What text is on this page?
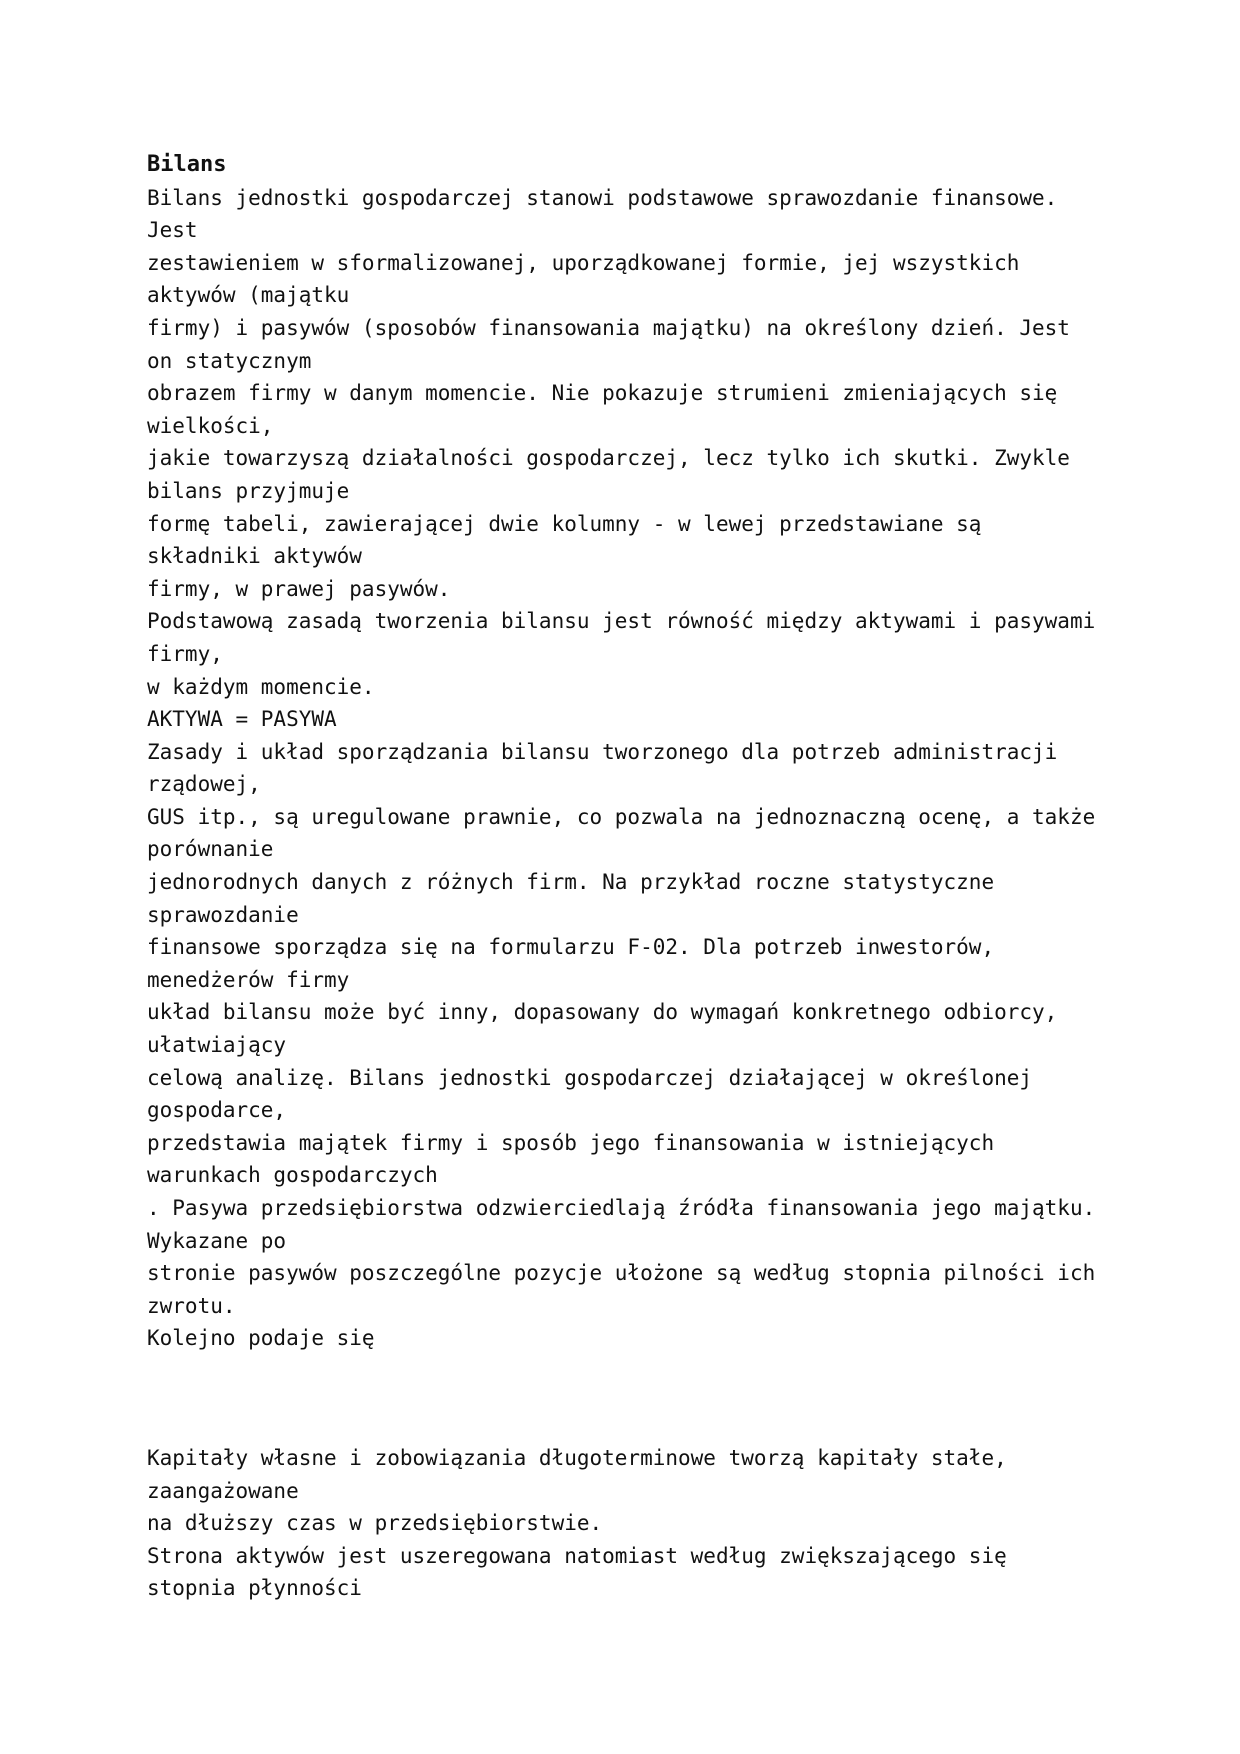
Bilans
Bilans jednostki gospodarczej stanowi podstawowe sprawozdanie finansowe.
Jest
zestawieniem w sformalizowanej, uporządkowanej formie, jej wszystkich
aktywów (majątku
firmy) i pasywów (sposobów finansowania majątku) na określony dzień. Jest
on statycznym
obrazem firmy w danym momencie. Nie pokazuje strumieni zmieniających się
wielkości,
jakie towarzyszą działalności gospodarczej, lecz tylko ich skutki. Zwykle
bilans przyjmuje
formę tabeli, zawierającej dwie kolumny - w lewej przedstawiane są
składniki aktywów
firmy, w prawej pasywów.
Podstawową zasadą tworzenia bilansu jest równość między aktywami i pasywami
firmy,
w każdym momencie.
AKTYWA = PASYWA
Zasady i układ sporządzania bilansu tworzonego dla potrzeb administracji
rządowej,
GUS itp., są uregulowane prawnie, co pozwala na jednoznaczną ocenę, a także
porównanie
jednorodnych danych z różnych firm. Na przykład roczne statystyczne
sprawozdanie
finansowe sporządza się na formularzu F-02. Dla potrzeb inwestorów,
menedżerów firmy
układ bilansu może być inny, dopasowany do wymagań konkretnego odbiorcy,
ułatwiający
celową analizę. Bilans jednostki gospodarczej działającej w określonej
gospodarce,
przedstawia majątek firmy i sposób jego finansowania w istniejących
warunkach gospodarczych
. Pasywa przedsiębiorstwa odzwierciedlają źródła finansowania jego majątku.
Wykazane po
stronie pasywów poszczególne pozycje ułożone są według stopnia pilności ich
zwrotu.
Kolejno podaje się

Kapitały własne i zobowiązania długoterminowe tworzą kapitały stałe,
zaangażowane
na dłuższy czas w przedsiębiorstwie.
Strona aktywów jest uszeregowana natomiast według zwiększającego się
stopnia płynności
